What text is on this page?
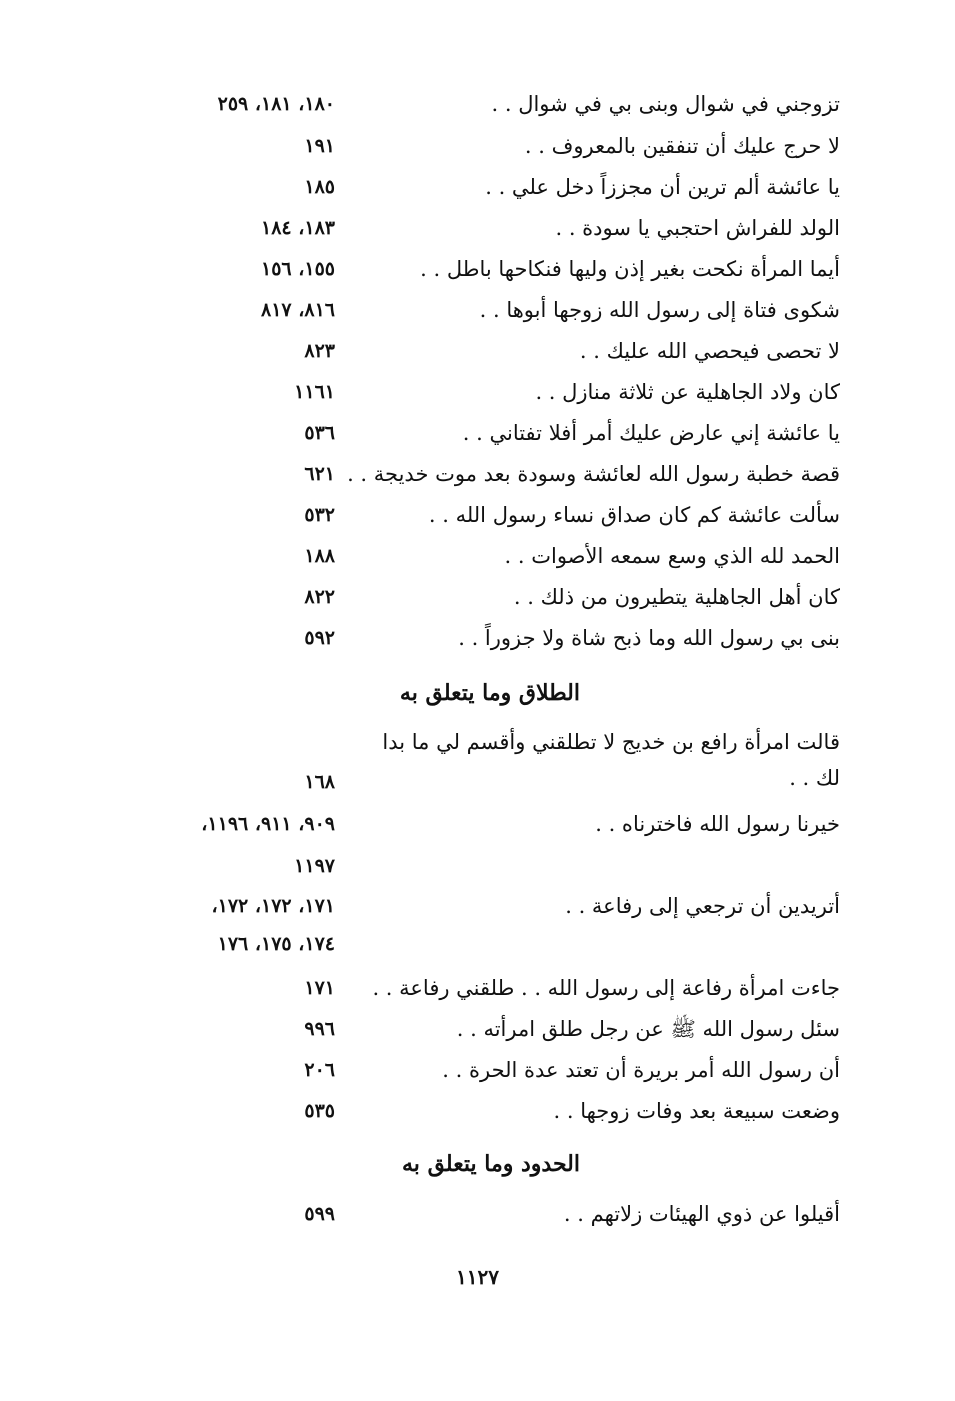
تزوجني في شوال وبنى بي في شوال . .
١٨٠، ١٨١، ٢٥٩
لا حرج عليك أن تنفقين بالمعروف . .
١٩١
يا عائشة ألم ترين أن مجززاً دخل علي . .
١٨٥
الولد للفراش احتجبي يا سودة . .
١٨٣، ١٨٤
أيما المرأة نكحت بغير إذن وليها فنكاحها باطل . .
١٥٥، ١٥٦
شكوى فتاة إلى رسول الله زوجها أبوها . .
٨١٦، ٨١٧
لا تحصى فيحصي الله عليك . .
٨٢٣
كان ولاد الجاهلية عن ثلاثة منازل . .
١١٦١
يا عائشة إني عارض عليك أمر أفلا تفتاني . .
٥٣٦
قصة خطبة رسول الله لعائشة وسودة بعد موت خديجة . .
٦٢١
سألت عائشة كم كان صداق نساء رسول الله . .
٥٣٢
الحمد لله الذي وسع سمعه الأصوات . .
١٨٨
كان أهل الجاهلية يتطيرون من ذلك . .
٨٢٢
بنى بي رسول الله وما ذبح شاة ولا جزوراً . .
٥٩٢
الطلاق وما يتعلق به
قالت امرأة رافع بن خديج لا تطلقني وأقسم لي ما بدا
لك . .
١٦٨
خيرنا رسول الله فاخترناه . .
٩٠٩، ٩١١، ١١٩٦،
١١٩٧
أتريدين أن ترجعي إلى رفاعة . .
١٧١، ١٧٢، ١٧٢،
١٧٤، ١٧٥، ١٧٦
جاءت امرأة رفاعة إلى رسول الله . . طلقني رفاعة . .
١٧١
سئل رسول الله ﷺ عن رجل طلق امرأته . .
٩٩٦
أن رسول الله أمر بريرة أن تعتد عدة الحرة . .
٢٠٦
وضعت سبيعة بعد وفات زوجها . .
٥٣٥
الحدود وما يتعلق به
أقيلوا عن ذوي الهيئات زلاتهم . .
٥٩٩
١١٢٧
